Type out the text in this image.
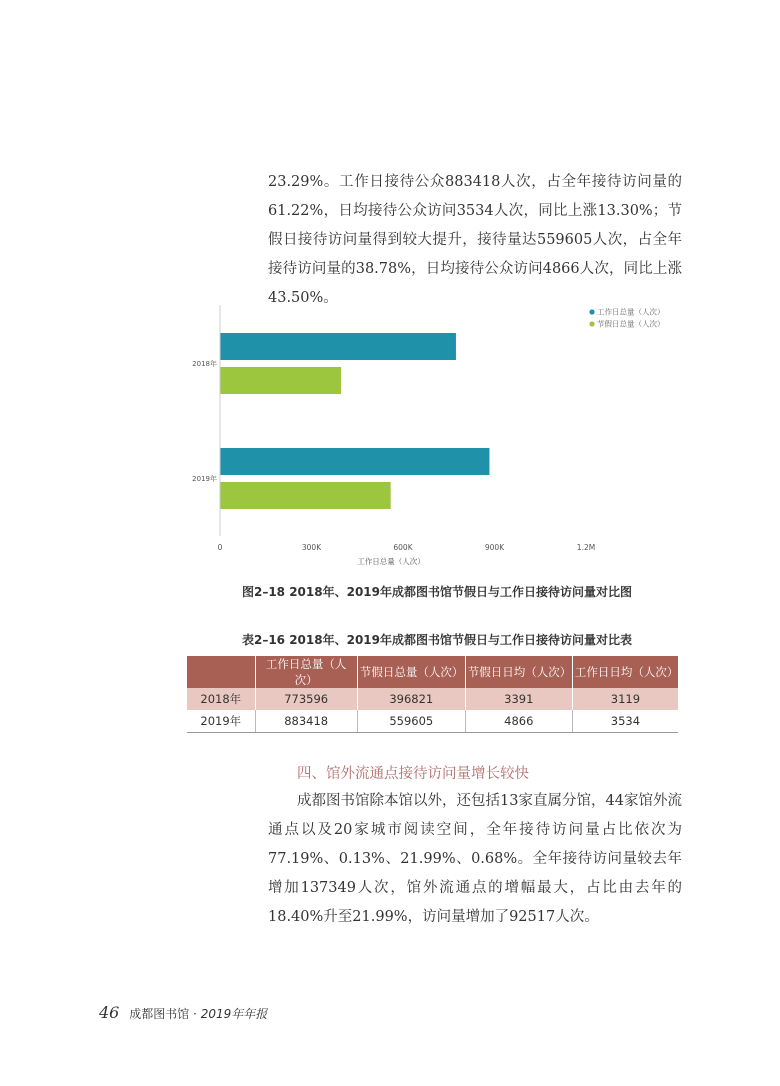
23.29%。工作日接待公众883418人次，占全年接待访问量的61.22%，日均接待公众访问3534人次，同比上涨13.30%；节假日接待访问量得到较大提升，接待量达559605人次，占全年接待访问量的38.78%，日均接待公众访问4866人次，同比上涨43.50%。

2018年
2019年
0	300K	600K	900K	1.2M
工作日总量（人次）
工作日总量（人次）
节假日总量（人次）
图2–18 2018年、2019年成都图书馆节假日与工作日接待访问量对比图
表2–16 2018年、2019年成都图书馆节假日与工作日接待访问量对比表
	工作日总量（人次）	节假日总量（人次）	节假日日均（人次）	工作日日均（人次）
2018年	773596	396821	3391	3119
2019年	883418	559605	4866	3534
四、馆外流通点接待访问量增长较快

成都图书馆除本馆以外，还包括13家直属分馆，44家馆外流通点以及20家城市阅读空间，全年接待访问量占比依次为77.19%、0.13%、21.99%、0.68%。全年接待访问量较去年增加137349人次，馆外流通点的增幅最大，占比由去年的18.40%升至21.99%，访问量增加了92517人次。

46 成都图书馆 · 2019年年报
